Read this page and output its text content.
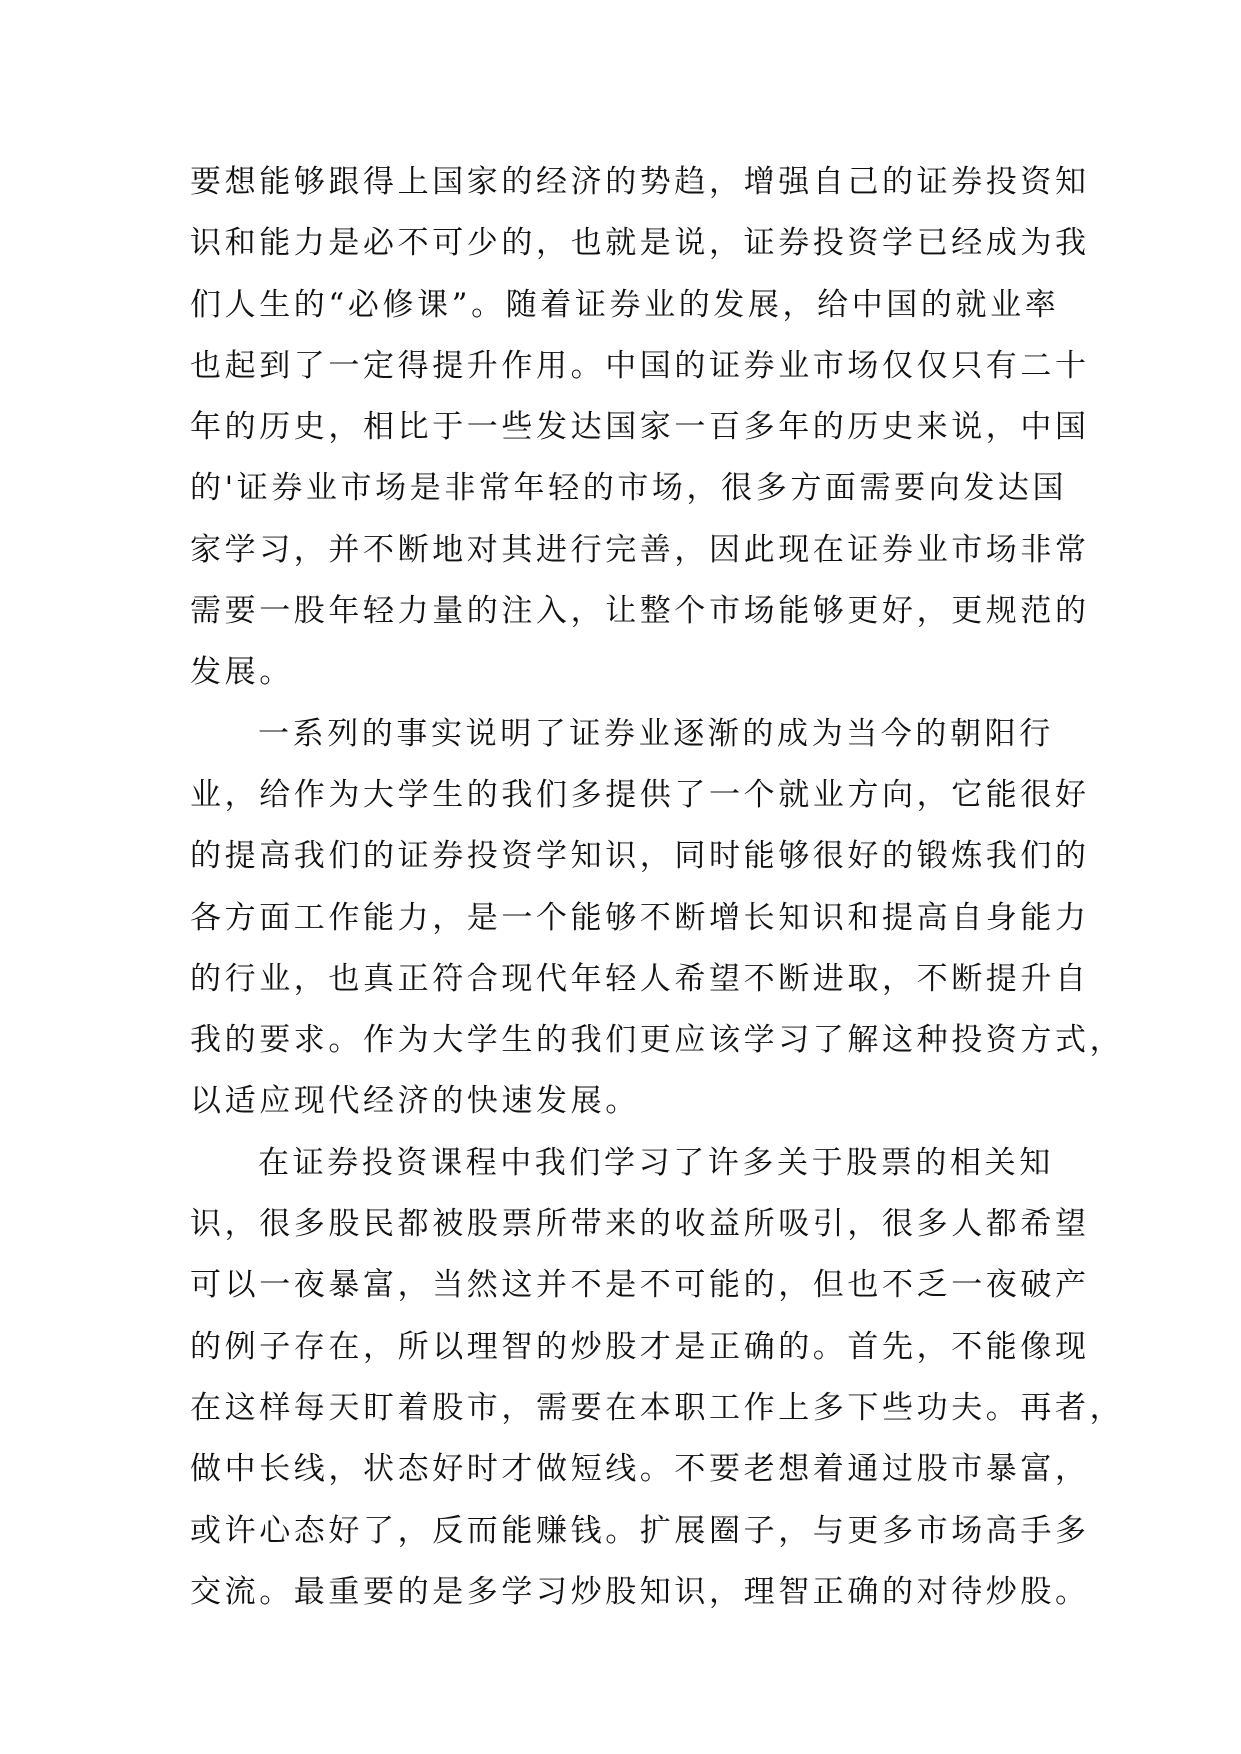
要想能够跟得上国家的经济的势趋，增强自己的证券投资知
识和能力是必不可少的，也就是说，证券投资学已经成为我
们人生的“必修课”。随着证券业的发展，给中国的就业率
也起到了一定得提升作用。中国的证券业市场仅仅只有二十
年的历史，相比于一些发达国家一百多年的历史来说，中国
的'证券业市场是非常年轻的市场，很多方面需要向发达国
家学习，并不断地对其进行完善，因此现在证券业市场非常
需要一股年轻力量的注入，让整个市场能够更好，更规范的
发展。
一系列的事实说明了证券业逐渐的成为当今的朝阳行
业，给作为大学生的我们多提供了一个就业方向，它能很好
的提高我们的证券投资学知识，同时能够很好的锻炼我们的
各方面工作能力，是一个能够不断增长知识和提高自身能力
的行业，也真正符合现代年轻人希望不断进取，不断提升自
我的要求。作为大学生的我们更应该学习了解这种投资方式，
以适应现代经济的快速发展。
在证券投资课程中我们学习了许多关于股票的相关知
识，很多股民都被股票所带来的收益所吸引，很多人都希望
可以一夜暴富，当然这并不是不可能的，但也不乏一夜破产
的例子存在，所以理智的炒股才是正确的。首先，不能像现
在这样每天盯着股市，需要在本职工作上多下些功夫。再者，
做中长线，状态好时才做短线。不要老想着通过股市暴富，
或许心态好了，反而能赚钱。扩展圈子，与更多市场高手多
交流。最重要的是多学习炒股知识，理智正确的对待炒股。
